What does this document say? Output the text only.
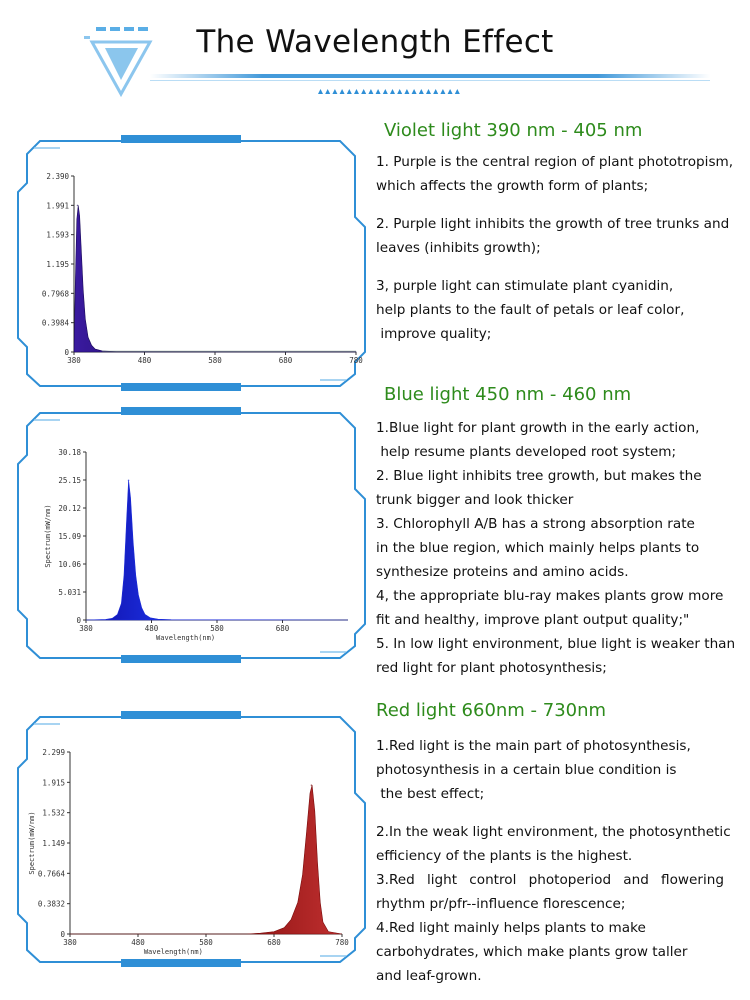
The Wavelength Effect
0
0.3984
0.7968
1.195
1.593
1.991
2.390
380	480	580	680	780
0
5.031
10.06
15.09
20.12
25.15
30.18
380	480	580	680
Wavelength(nm)
Spectrum(mW/nm)
0
0.3832
0.7664
1.149
1.532
1.915
2.299
380	480	580	680	780
Wavelength(nm)
Spectrum(mW/nm)
Violet light 390 nm - 405 nm

1. Purple is the central region of plant phototropism,

which affects the growth form of plants;

2. Purple light inhibits the growth of tree trunks and

leaves (inhibits growth);

3, purple light can stimulate plant cyanidin,

help plants to the fault of petals or leaf color,

improve quality;

Blue light 450 nm - 460 nm

1.Blue light for plant growth in the early action,

help resume plants developed root system;

2. Blue light inhibits tree growth, but makes the

trunk bigger and look thicker

3. Chlorophyll A/B has a strong absorption rate

in the blue region, which mainly helps plants to

synthesize proteins and amino acids.

4, the appropriate blu-ray makes plants grow more

fit and healthy, improve plant output quality;"

5. In low light environment, blue light is weaker than

red light for plant photosynthesis;

Red light 660nm - 730nm

1.Red light is the main part of photosynthesis,

photosynthesis in a certain blue condition is

the best effect;

2.In the weak light environment, the photosynthetic

efficiency of the plants is the highest.

3.Red light control photoperiod and flowering

rhythm pr/pfr--influence florescence;

4.Red light mainly helps plants to make

carbohydrates, which make plants grow taller

and leaf-grown.
